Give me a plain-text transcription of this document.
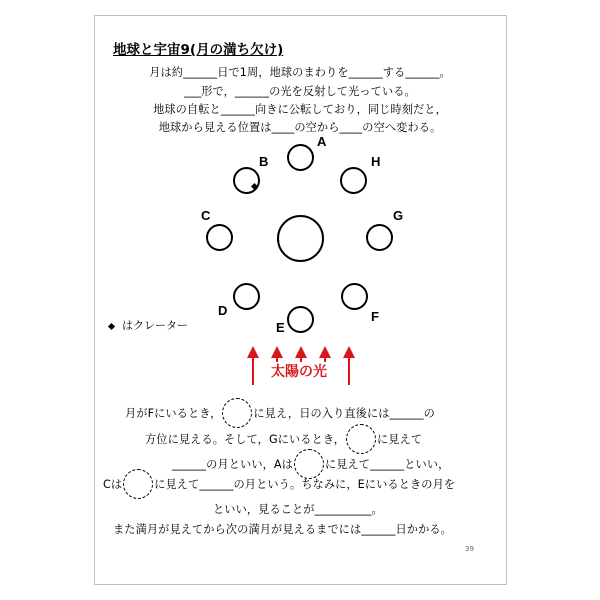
地球と宇宙9(月の満ち欠け)
月は約______日で1周，地球のまわりを______する______。
___形で，______の光を反射して光っている。
地球の自転と______向きに公転しており，同じ時刻だと，
地球から見える位置は____の空から____の空へ変わる。
A
B	H
C	G
D	F
E
はクレーター
太陽の光
月がFにいるとき，	に見え，日の入り直後には______の
方位に見える。そして，Gにいるとき，	に見えて
______の月といい，Aは	に見えて______といい，
Cは	に見えて______の月という。ちなみに，Eにいるときの月を
といい，見ることが__________。
また満月が見えてから次の満月が見えるまでには______日かかる。
39
